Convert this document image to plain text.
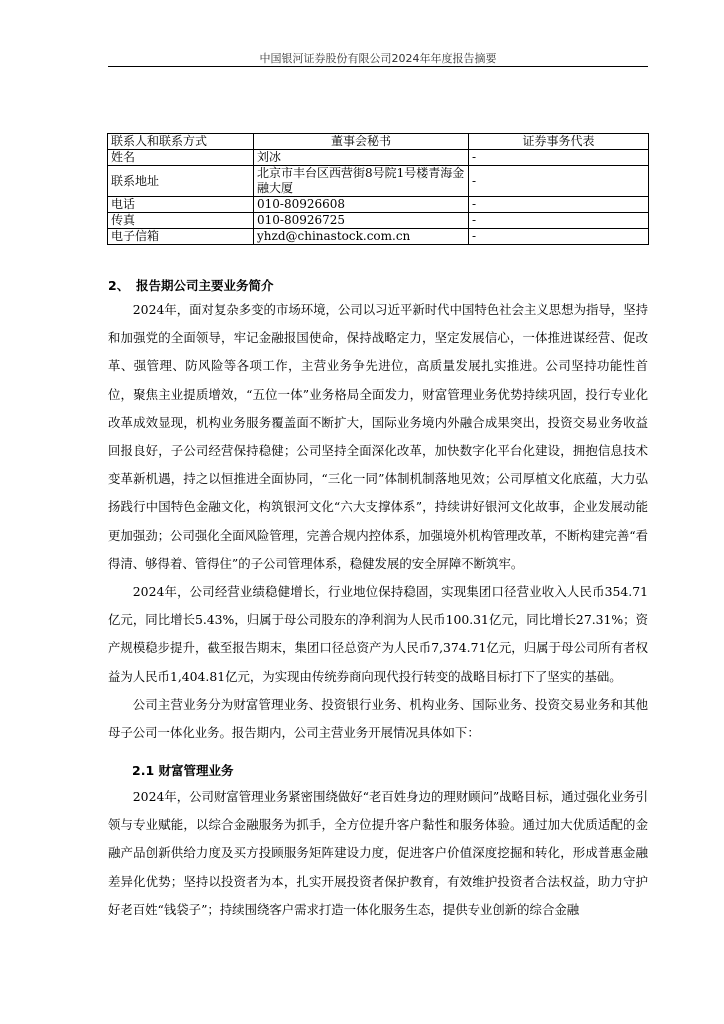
中国银河证券股份有限公司2024年年度报告摘要
联系人和联系方式	董事会秘书	证券事务代表
姓名	刘冰	-
联系地址	北京市丰台区西营街8号院1号楼青海金融大厦	-
电话	010-80926608	-
传真	010-80926725	-
电子信箱	yhzd@chinastock.com.cn	-
2、 报告期公司主要业务简介

2024年，面对复杂多变的市场环境，公司以习近平新时代中国特色社会主义思想为指导，坚持和加强党的全面领导，牢记金融报国使命，保持战略定力，坚定发展信心，一体推进谋经营、促改革、强管理、防风险等各项工作，主营业务争先进位，高质量发展扎实推进。公司坚持功能性首位，聚焦主业提质增效，“五位一体”业务格局全面发力，财富管理业务优势持续巩固，投行专业化改革成效显现，机构业务服务覆盖面不断扩大，国际业务境内外融合成果突出，投资交易业务收益回报良好，子公司经营保持稳健；公司坚持全面深化改革，加快数字化平台化建设，拥抱信息技术变革新机遇，持之以恒推进全面协同，“三化一同”体制机制落地见效；公司厚植文化底蕴，大力弘扬践行中国特色金融文化，构筑银河文化“六大支撑体系”，持续讲好银河文化故事，企业发展动能更加强劲；公司强化全面风险管理，完善合规内控体系，加强境外机构管理改革，不断构建完善“看得清、够得着、管得住”的子公司管理体系，稳健发展的安全屏障不断筑牢。

2024年，公司经营业绩稳健增长，行业地位保持稳固，实现集团口径营业收入人民币354.71亿元，同比增长5.43%，归属于母公司股东的净利润为人民币100.31亿元，同比增长27.31%；资产规模稳步提升，截至报告期末，集团口径总资产为人民币7,374.71亿元，归属于母公司所有者权益为人民币1,404.81亿元，为实现由传统券商向现代投行转变的战略目标打下了坚实的基础。

公司主营业务分为财富管理业务、投资银行业务、机构业务、国际业务、投资交易业务和其他母子公司一体化业务。报告期内，公司主营业务开展情况具体如下：

2.1 财富管理业务

2024年，公司财富管理业务紧密围绕做好“老百姓身边的理财顾问”战略目标，通过强化业务引领与专业赋能，以综合金融服务为抓手，全方位提升客户黏性和服务体验。通过加大优质适配的金融产品创新供给力度及买方投顾服务矩阵建设力度，促进客户价值深度挖掘和转化，形成普惠金融差异化优势；坚持以投资者为本，扎实开展投资者保护教育，有效维护投资者合法权益，助力守护好老百姓“钱袋子”；持续围绕客户需求打造一体化服务生态，提供专业创新的综合金融
